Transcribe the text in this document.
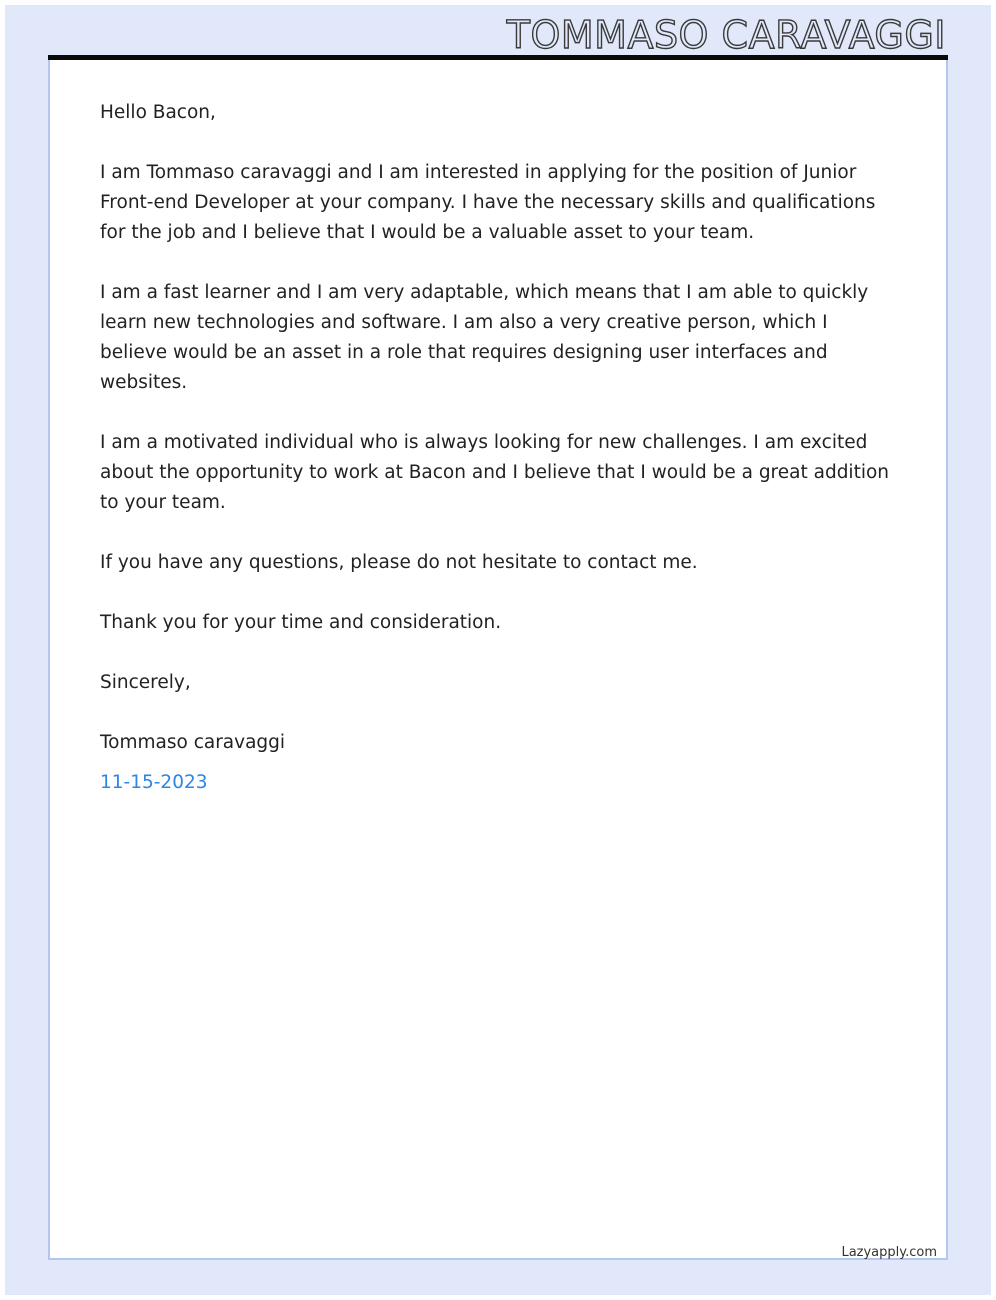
TOMMASO CARAVAGGI

Hello Bacon,

I am Tommaso caravaggi and I am interested in applying for the position of Junior Front-end Developer at your company. I have the necessary skills and qualifications for the job and I believe that I would be a valuable asset to your team.

I am a fast learner and I am very adaptable, which means that I am able to quickly learn new technologies and software. I am also a very creative person, which I believe would be an asset in a role that requires designing user interfaces and websites.

I am a motivated individual who is always looking for new challenges. I am excited about the opportunity to work at Bacon and I believe that I would be a great addition to your team.

If you have any questions, please do not hesitate to contact me.

Thank you for your time and consideration.

Sincerely,

Tommaso caravaggi

11-15-2023

Lazyapply.com
